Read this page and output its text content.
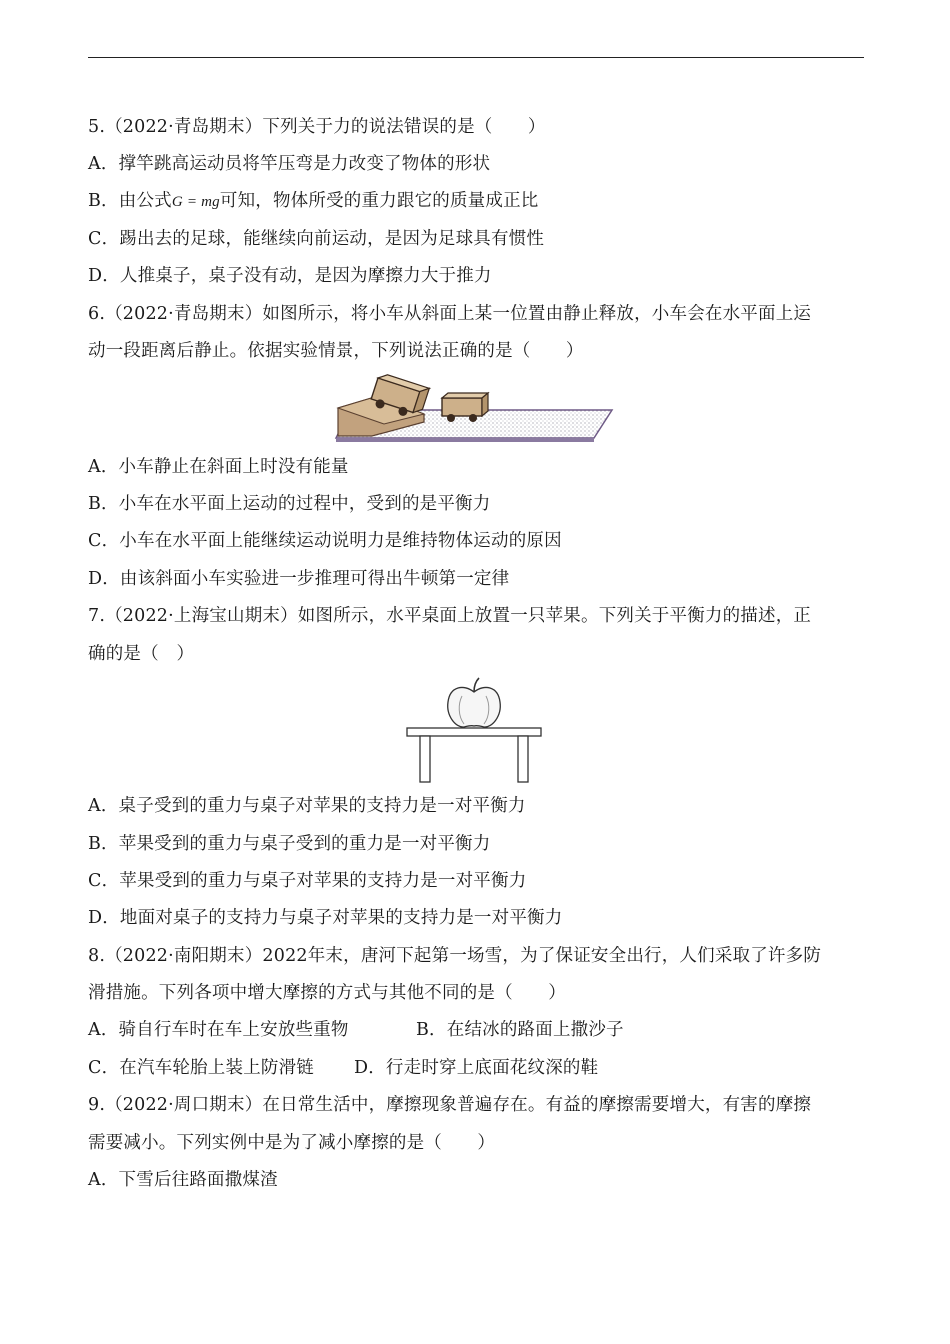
5.（2022·青岛期末）下列关于力的说法错误的是（　　）
A．撑竿跳高运动员将竿压弯是力改变了物体的形状
B．由公式G = mg可知，物体所受的重力跟它的质量成正比
C．踢出去的足球，能继续向前运动，是因为足球具有惯性
D．人推桌子，桌子没有动，是因为摩擦力大于推力
6.（2022·青岛期末）如图所示，将小车从斜面上某一位置由静止释放，小车会在水平面上运
动一段距离后静止。依据实验情景，下列说法正确的是（　　）
A．小车静止在斜面上时没有能量
B．小车在水平面上运动的过程中，受到的是平衡力
C．小车在水平面上能继续运动说明力是维持物体运动的原因
D．由该斜面小车实验进一步推理可得出牛顿第一定律
7.（2022·上海宝山期末）如图所示，水平桌面上放置一只苹果。下列关于平衡力的描述，正
确的是（　）
A．桌子受到的重力与桌子对苹果的支持力是一对平衡力
B．苹果受到的重力与桌子受到的重力是一对平衡力
C．苹果受到的重力与桌子对苹果的支持力是一对平衡力
D．地面对桌子的支持力与桌子对苹果的支持力是一对平衡力
8.（2022·南阳期末）2022年末，唐河下起第一场雪，为了保证安全出行，人们采取了许多防
滑措施。下列各项中增大摩擦的方式与其他不同的是（　　）
A．骑自行车时在车上安放些重物	B．在结冰的路面上撒沙子
C．在汽车轮胎上装上防滑链 D．行走时穿上底面花纹深的鞋
9.（2022·周口期末）在日常生活中，摩擦现象普遍存在。有益的摩擦需要增大，有害的摩擦
需要减小。下列实例中是为了减小摩擦的是（　　）
A．下雪后往路面撒煤渣
